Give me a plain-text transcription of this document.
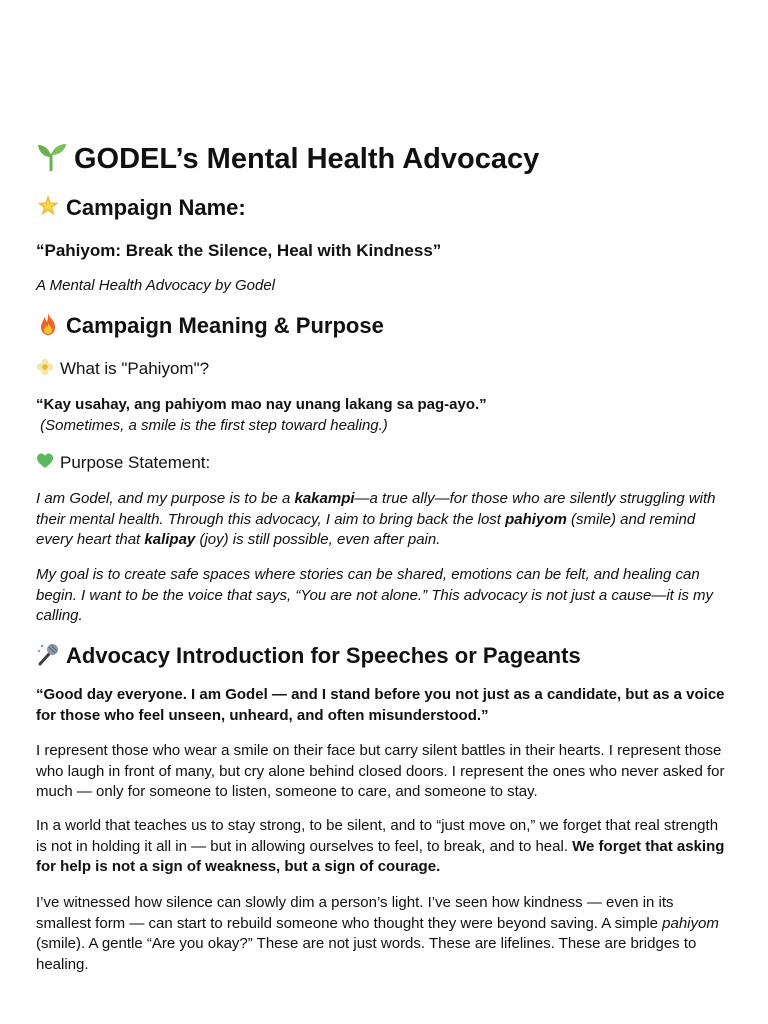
GODEL’s Mental Health Advocacy
Campaign Name:

“Pahiyom: Break the Silence, Heal with Kindness”

A Mental Health Advocacy by Godel

Campaign Meaning & Purpose
What is "Pahiyom"?

“Kay usahay, ang pahiyom mao nay unang lakang sa pag-ayo.”

(Sometimes, a smile is the first step toward healing.)

Purpose Statement:

I am Godel, and my purpose is to be a kakampi—a true ally—for those who are silently struggling with their mental health. Through this advocacy, I aim to bring back the lost pahiyom (smile) and remind every heart that kalipay (joy) is still possible, even after pain.

My goal is to create safe spaces where stories can be shared, emotions can be felt, and healing can begin. I want to be the voice that says, “You are not alone.” This advocacy is not just a cause—it is my calling.

Advocacy Introduction for Speeches or Pageants

“Good day everyone. I am Godel — and I stand before you not just as a candidate, but as a voice for those who feel unseen, unheard, and often misunderstood.”

I represent those who wear a smile on their face but carry silent battles in their hearts. I represent those who laugh in front of many, but cry alone behind closed doors. I represent the ones who never asked for much — only for someone to listen, someone to care, and someone to stay.

In a world that teaches us to stay strong, to be silent, and to “just move on,” we forget that real strength is not in holding it all in — but in allowing ourselves to feel, to break, and to heal. We forget that asking for help is not a sign of weakness, but a sign of courage.

I’ve witnessed how silence can slowly dim a person’s light. I’ve seen how kindness — even in its smallest form — can start to rebuild someone who thought they were beyond saving. A simple pahiyom (smile). A gentle “Are you okay?” These are not just words. These are lifelines. These are bridges to healing.
